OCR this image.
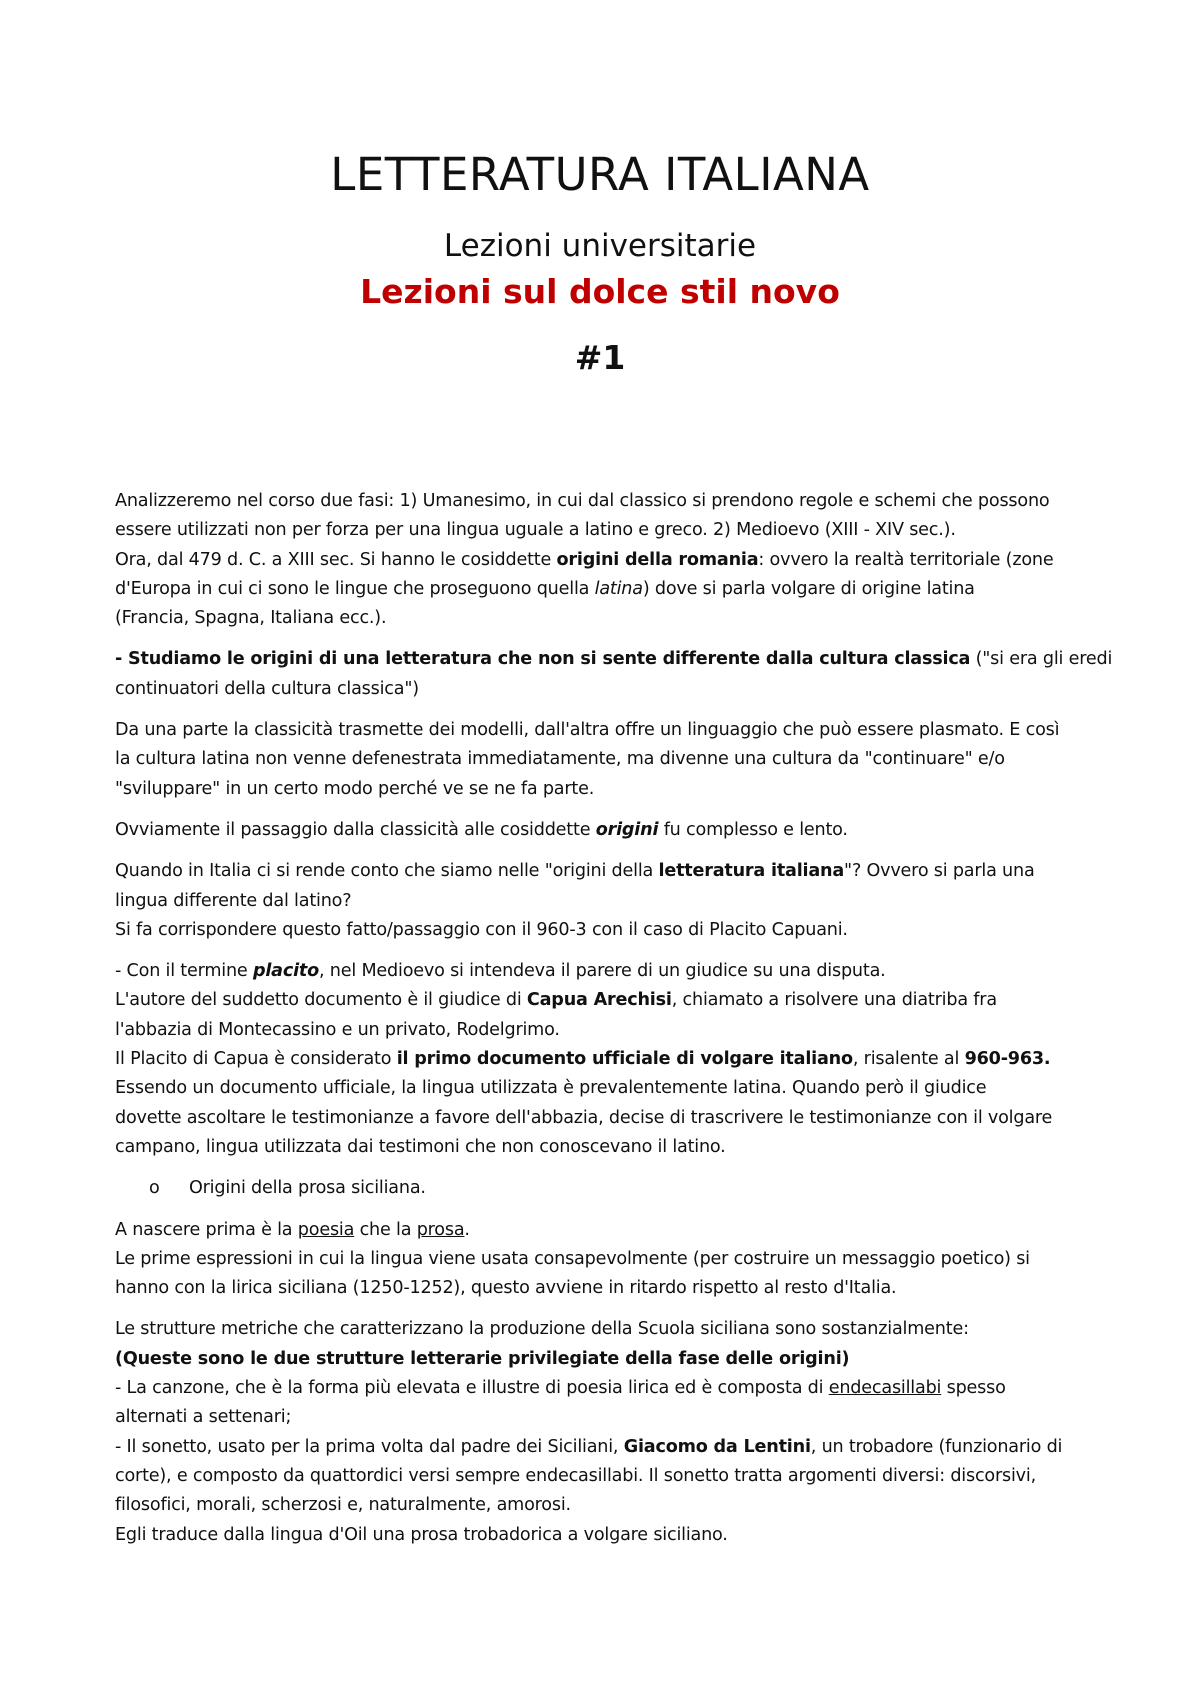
LETTERATURA ITALIANA
Lezioni universitarie
Lezioni sul dolce stil novo
#1

Analizzeremo nel corso due fasi: 1) Umanesimo, in cui dal classico si prendono regole e schemi che possono
essere utilizzati non per forza per una lingua uguale a latino e greco. 2) Medioevo (XIII - XIV sec.).
Ora, dal 479 d. C. a XIII sec. Si hanno le cosiddette origini della romania: ovvero la realtà territoriale (zone
d'Europa in cui ci sono le lingue che proseguono quella latina) dove si parla volgare di origine latina
(Francia, Spagna, Italiana ecc.).

- Studiamo le origini di una letteratura che non si sente differente dalla cultura classica ("si era gli eredi
continuatori della cultura classica")

Da una parte la classicità trasmette dei modelli, dall'altra offre un linguaggio che può essere plasmato. E così
la cultura latina non venne defenestrata immediatamente, ma divenne una cultura da "continuare" e/o
"sviluppare" in un certo modo perché ve se ne fa parte.

Ovviamente il passaggio dalla classicità alle cosiddette origini fu complesso e lento.

Quando in Italia ci si rende conto che siamo nelle "origini della letteratura italiana"? Ovvero si parla una
lingua differente dal latino?
Si fa corrispondere questo fatto/passaggio con il 960-3 con il caso di Placito Capuani.

- Con il termine placito, nel Medioevo si intendeva il parere di un giudice su una disputa.
L'autore del suddetto documento è il giudice di Capua Arechisi, chiamato a risolvere una diatriba fra
l'abbazia di Montecassino e un privato, Rodelgrimo.
Il Placito di Capua è considerato il primo documento ufficiale di volgare italiano, risalente al 960-963.
Essendo un documento ufficiale, la lingua utilizzata è prevalentemente latina. Quando però il giudice
dovette ascoltare le testimonianze a favore dell'abbazia, decise di trascrivere le testimonianze con il volgare
campano, lingua utilizzata dai testimoni che non conoscevano il latino.

o Origini della prosa siciliana.

A nascere prima è la poesia che la prosa.
Le prime espressioni in cui la lingua viene usata consapevolmente (per costruire un messaggio poetico) si
hanno con la lirica siciliana (1250-1252), questo avviene in ritardo rispetto al resto d'Italia.

Le strutture metriche che caratterizzano la produzione della Scuola siciliana sono sostanzialmente:
(Queste sono le due strutture letterarie privilegiate della fase delle origini)
- La canzone, che è la forma più elevata e illustre di poesia lirica ed è composta di endecasillabi spesso
alternati a settenari;
- Il sonetto, usato per la prima volta dal padre dei Siciliani, Giacomo da Lentini, un trobadore (funzionario di
corte), e composto da quattordici versi sempre endecasillabi. Il sonetto tratta argomenti diversi: discorsivi,
filosofici, morali, scherzosi e, naturalmente, amorosi.
Egli traduce dalla lingua d'Oil una prosa trobadorica a volgare siciliano.
